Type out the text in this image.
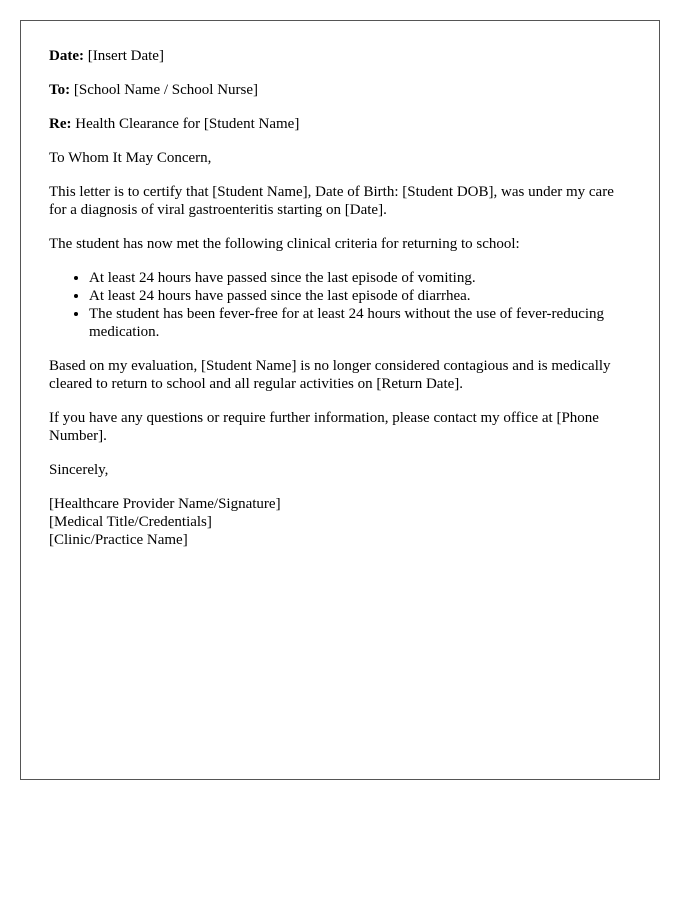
Date: [Insert Date]

To: [School Name / School Nurse]

Re: Health Clearance for [Student Name]

To Whom It May Concern,

This letter is to certify that [Student Name], Date of Birth: [Student DOB], was under my care for a diagnosis of viral gastroenteritis starting on [Date].

The student has now met the following clinical criteria for returning to school:

• At least 24 hours have passed since the last episode of vomiting.
• At least 24 hours have passed since the last episode of diarrhea.
• The student has been fever-free for at least 24 hours without the use of fever-reducing medication.

Based on my evaluation, [Student Name] is no longer considered contagious and is medically cleared to return to school and all regular activities on [Return Date].

If you have any questions or require further information, please contact my office at [Phone Number].

Sincerely,

[Healthcare Provider Name/Signature]
[Medical Title/Credentials]
[Clinic/Practice Name]
